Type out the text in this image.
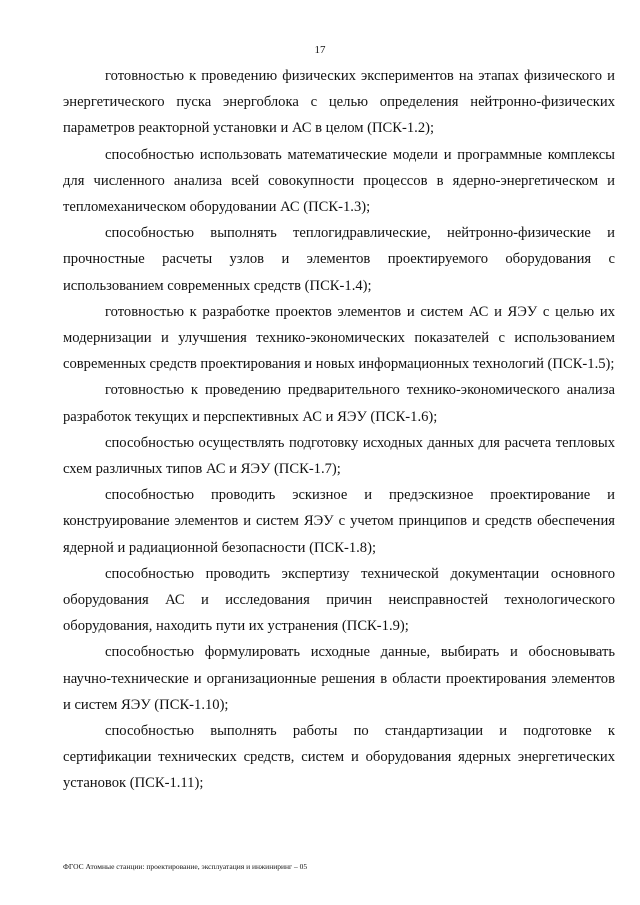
17

готовностью к проведению физических экспериментов на этапах физического и энергетического пуска энергоблока с целью определения нейтронно-физических параметров реакторной установки и АС в целом (ПСК-1.2);

способностью использовать математические модели и программные комплексы для численного анализа всей совокупности процессов в ядерно-энергетическом и тепломеханическом оборудовании АС (ПСК-1.3);

способностью выполнять теплогидравлические, нейтронно-физические и прочностные расчеты узлов и элементов проектируемого оборудования с использованием современных средств (ПСК-1.4);

готовностью к разработке проектов элементов и систем АС и ЯЭУ с целью их модернизации и улучшения технико-экономических показателей с использованием современных средств проектирования и новых информационных технологий (ПСК-1.5);

готовностью к проведению предварительного технико-экономического анализа разработок текущих и перспективных АС и ЯЭУ (ПСК-1.6);

способностью осуществлять подготовку исходных данных для расчета тепловых схем различных типов АС и ЯЭУ (ПСК-1.7);

способностью проводить эскизное и предэскизное проектирование и конструирование элементов и систем ЯЭУ с учетом принципов и средств обеспечения ядерной и радиационной безопасности (ПСК-1.8);

способностью проводить экспертизу технической документации основного оборудования АС и исследования причин неисправностей технологического оборудования, находить пути их устранения (ПСК-1.9);

способностью формулировать исходные данные, выбирать и обосновывать научно-технические и организационные решения в области проектирования элементов и систем ЯЭУ (ПСК-1.10);

способностью выполнять работы по стандартизации и подготовке к сертификации технических средств, систем и оборудования ядерных энергетических установок (ПСК-1.11);

ФГОС Атомные станции: проектирование, эксплуатация и инжиниринг – 05
